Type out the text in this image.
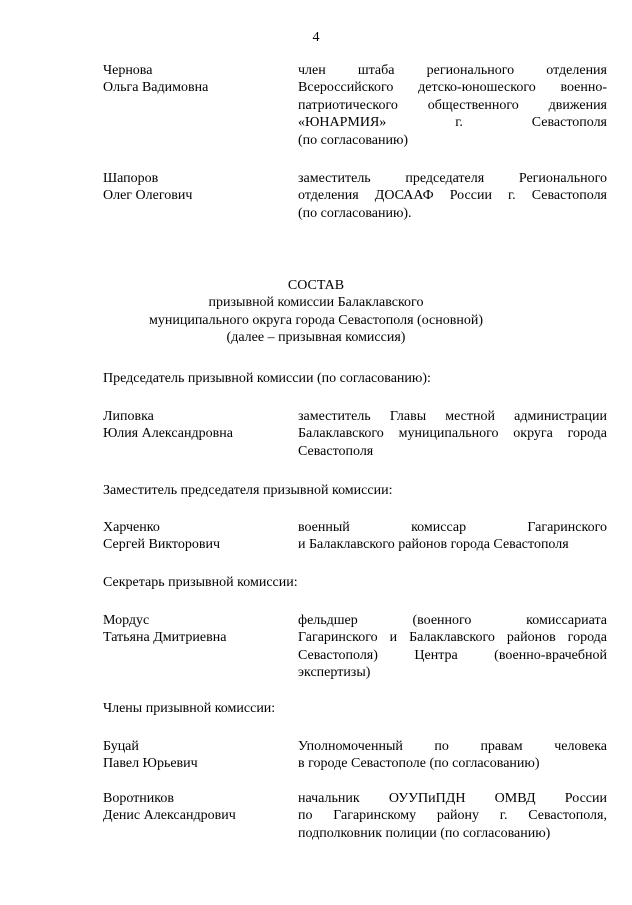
4
Чернова
Ольга Вадимовна
член штаба регионального отделения
Всероссийского детско-юношеского военно-
патриотического общественного движения
«ЮНАРМИЯ» г. Севастополя
(по согласованию)
Шапоров
Олег Олегович
заместитель председателя Регионального
отделения ДОСААФ России г. Севастополя
(по согласованию).
СОСТАВ
призывной комиссии Балаклавского
муниципального округа города Севастополя (основной)
(далее – призывная комиссия)
Председатель призывной комиссии (по согласованию):
Липовка
Юлия Александровна
заместитель Главы местной администрации
Балаклавского муниципального округа города
Севастополя
Заместитель председателя призывной комиссии:
Харченко
Сергей Викторович
военный комиссар Гагаринского
и Балаклавского районов города Севастополя
Секретарь призывной комиссии:
Мордус
Татьяна Дмитриевна
фельдшер (военного комиссариата
Гагаринского и Балаклавского районов города
Севастополя) Центра (военно-врачебной
экспертизы)
Члены призывной комиссии:
Буцай
Павел Юрьевич
Уполномоченный по правам человека
в городе Севастополе (по согласованию)
Воротников
Денис Александрович
начальник ОУУПиПДН ОМВД России
по Гагаринскому району г. Севастополя,
подполковник полиции (по согласованию)
